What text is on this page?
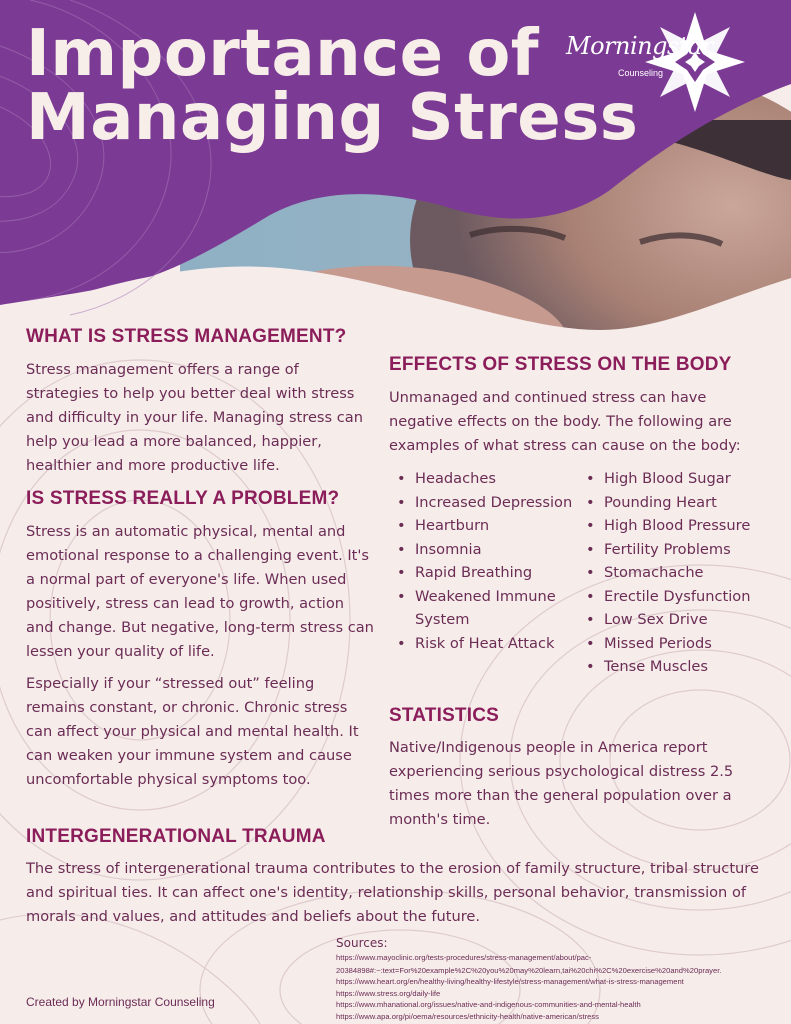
Importance of
Managing Stress
Morningstar
Counseling
WHAT IS STRESS MANAGEMENT?

Stress management offers a range of strategies to help you better deal with stress and difficulty in your life. Managing stress can help you lead a more balanced, happier, healthier and more productive life.

IS STRESS REALLY A PROBLEM?

Stress is an automatic physical, mental and emotional response to a challenging event. It's a normal part of everyone's life. When used positively, stress can lead to growth, action and change. But negative, long-term stress can lessen your quality of life.

Especially if your “stressed out” feeling remains constant, or chronic. Chronic stress can affect your physical and mental health. It can weaken your immune system and cause uncomfortable physical symptoms too.

EFFECTS OF STRESS ON THE BODY

Unmanaged and continued stress can have negative effects on the body. The following are examples of what stress can cause on the body:

• Headaches
• Increased Depression
• Heartburn
• Insomnia
• Rapid Breathing
• Weakened Immune System
• Risk of Heat Attack
• High Blood Sugar
• Pounding Heart
• High Blood Pressure
• Fertility Problems
• Stomachache
• Erectile Dysfunction
• Low Sex Drive
• Missed Periods
• Tense Muscles
STATISTICS

Native/Indigenous people in America report experiencing serious psychological distress 2.5 times more than the general population over a month's time.

INTERGENERATIONAL TRAUMA

The stress of intergenerational trauma contributes to the erosion of family structure, tribal structure and spiritual ties. It can affect one's identity, relationship skills, personal behavior, transmission of morals and values, and attitudes and beliefs about the future.

Sources:
https://www.mayoclinic.org/tests-procedures/stress-management/about/pac-
20384898#:~:text=For%20example%2C%20you%20may%20learn,tai%20chi%2C%20exercise%20and%20prayer.
https://www.heart.org/en/healthy-living/healthy-lifestyle/stress-management/what-is-stress-management
https://www.stress.org/daily-life
https://www.mhanational.org/issues/native-and-indigenous-communities-and-mental-health
https://www.apa.org/pi/oema/resources/ethnicity-health/native-american/stress
Created by Morningstar Counseling
